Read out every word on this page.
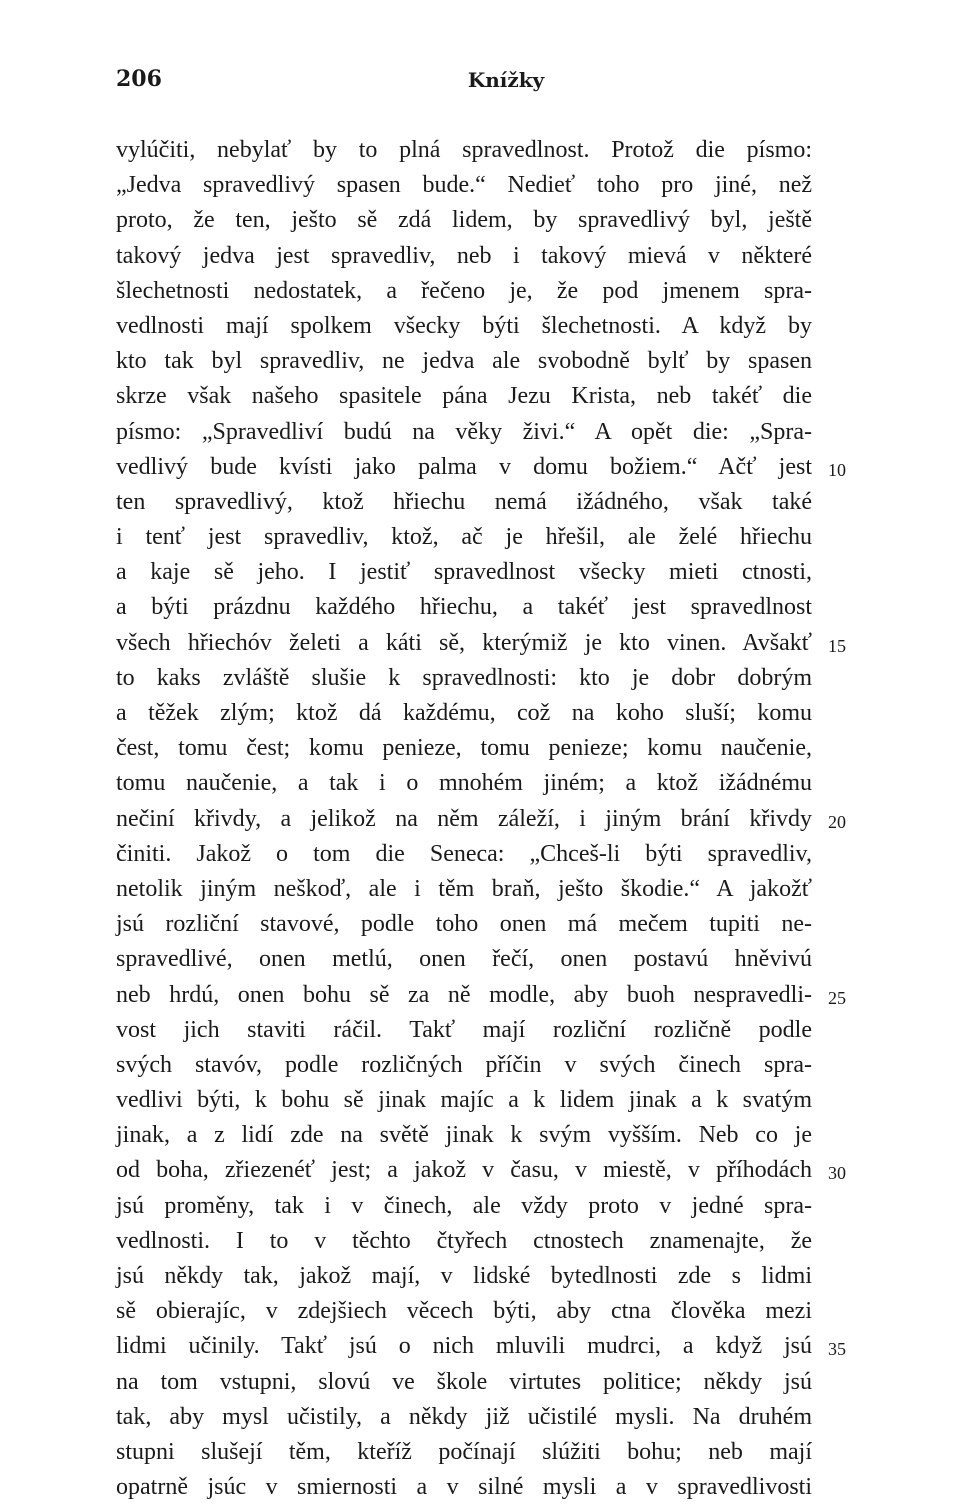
206	Knížky
vylúčiti, nebylať by to plná spravedlnost. Protož die písmo:
„Jedva spravedlivý spasen bude.“ Nedieť toho pro jiné, než
proto, že ten, ješto sě zdá lidem, by spravedlivý byl, ještě
takový jedva jest spravedliv, neb i takový mievá v některé
šlechetnosti nedostatek, a řečeno je, že pod jmenem spra-
vedlnosti mají spolkem všecky býti šlechetnosti. A když by
kto tak byl spravedliv, ne jedva ale svobodně bylť by spasen
skrze však našeho spasitele pána Jezu Krista, neb takéť die
písmo: „Spravedliví budú na věky živi.“ A opět die: „Spra-
vedlivý bude kvísti jako palma v domu božiem.“ Ačť jest 10
ten spravedlivý, ktož hřiechu nemá ižádného, však také
i tenť jest spravedliv, ktož, ač je hřešil, ale želé hřiechu
a kaje sě jeho. I jestiť spravedlnost všecky mieti ctnosti,
a býti prázdnu každého hřiechu, a takéť jest spravedlnost
všech hřiechóv želeti a káti sě, kterýmiž je kto vinen. Avšakť 15
to kaks zvláště slušie k spravedlnosti: kto je dobr dobrým
a těžek zlým; ktož dá každému, což na koho sluší; komu
čest, tomu čest; komu penieze, tomu penieze; komu naučenie,
tomu naučenie, a tak i o mnohém jiném; a ktož ižádnému
nečiní křivdy, a jelikož na něm záleží, i jiným brání křivdy 20
činiti. Jakož o tom die Seneca: „Chceš-li býti spravedliv,
netolik jiným neškoď, ale i těm braň, ješto škodie.“ A jakožť
jsú rozliční stavové, podle toho onen má mečem tupiti ne-
spravedlivé, onen metlú, onen řečí, onen postavú hněvivú
neb hrdú, onen bohu sě za ně modle, aby buoh nespravedli- 25
vost jich staviti ráčil. Takť mají rozliční rozličně podle
svých stavóv, podle rozličných příčin v svých činech spra-
vedlivi býti, k bohu sě jinak majíc a k lidem jinak a k svatým
jinak, a z lidí zde na světě jinak k svým vyšším. Neb co je
od boha, zřiezenéť jest; a jakož v času, v miestě, v příhodách 30
jsú proměny, tak i v činech, ale vždy proto v jedné spra-
vedlnosti. I to v těchto čtyřech ctnostech znamenajte, že
jsú někdy tak, jakož mají, v lidské bytedlnosti zde s lidmi
sě obierajíc, v zdejšiech věcech býti, aby ctna člověka mezi
lidmi učinily. Takť jsú o nich mluvili mudrci, a když jsú 35
na tom vstupni, slovú ve škole virtutes politice; někdy jsú
tak, aby mysl učistily, a někdy již učistilé mysli. Na druhém
stupni slušejí těm, kteříž počínají slúžiti bohu; neb mají
opatrně jsúc v smiernosti a v silné mysli a v spravedlivosti
